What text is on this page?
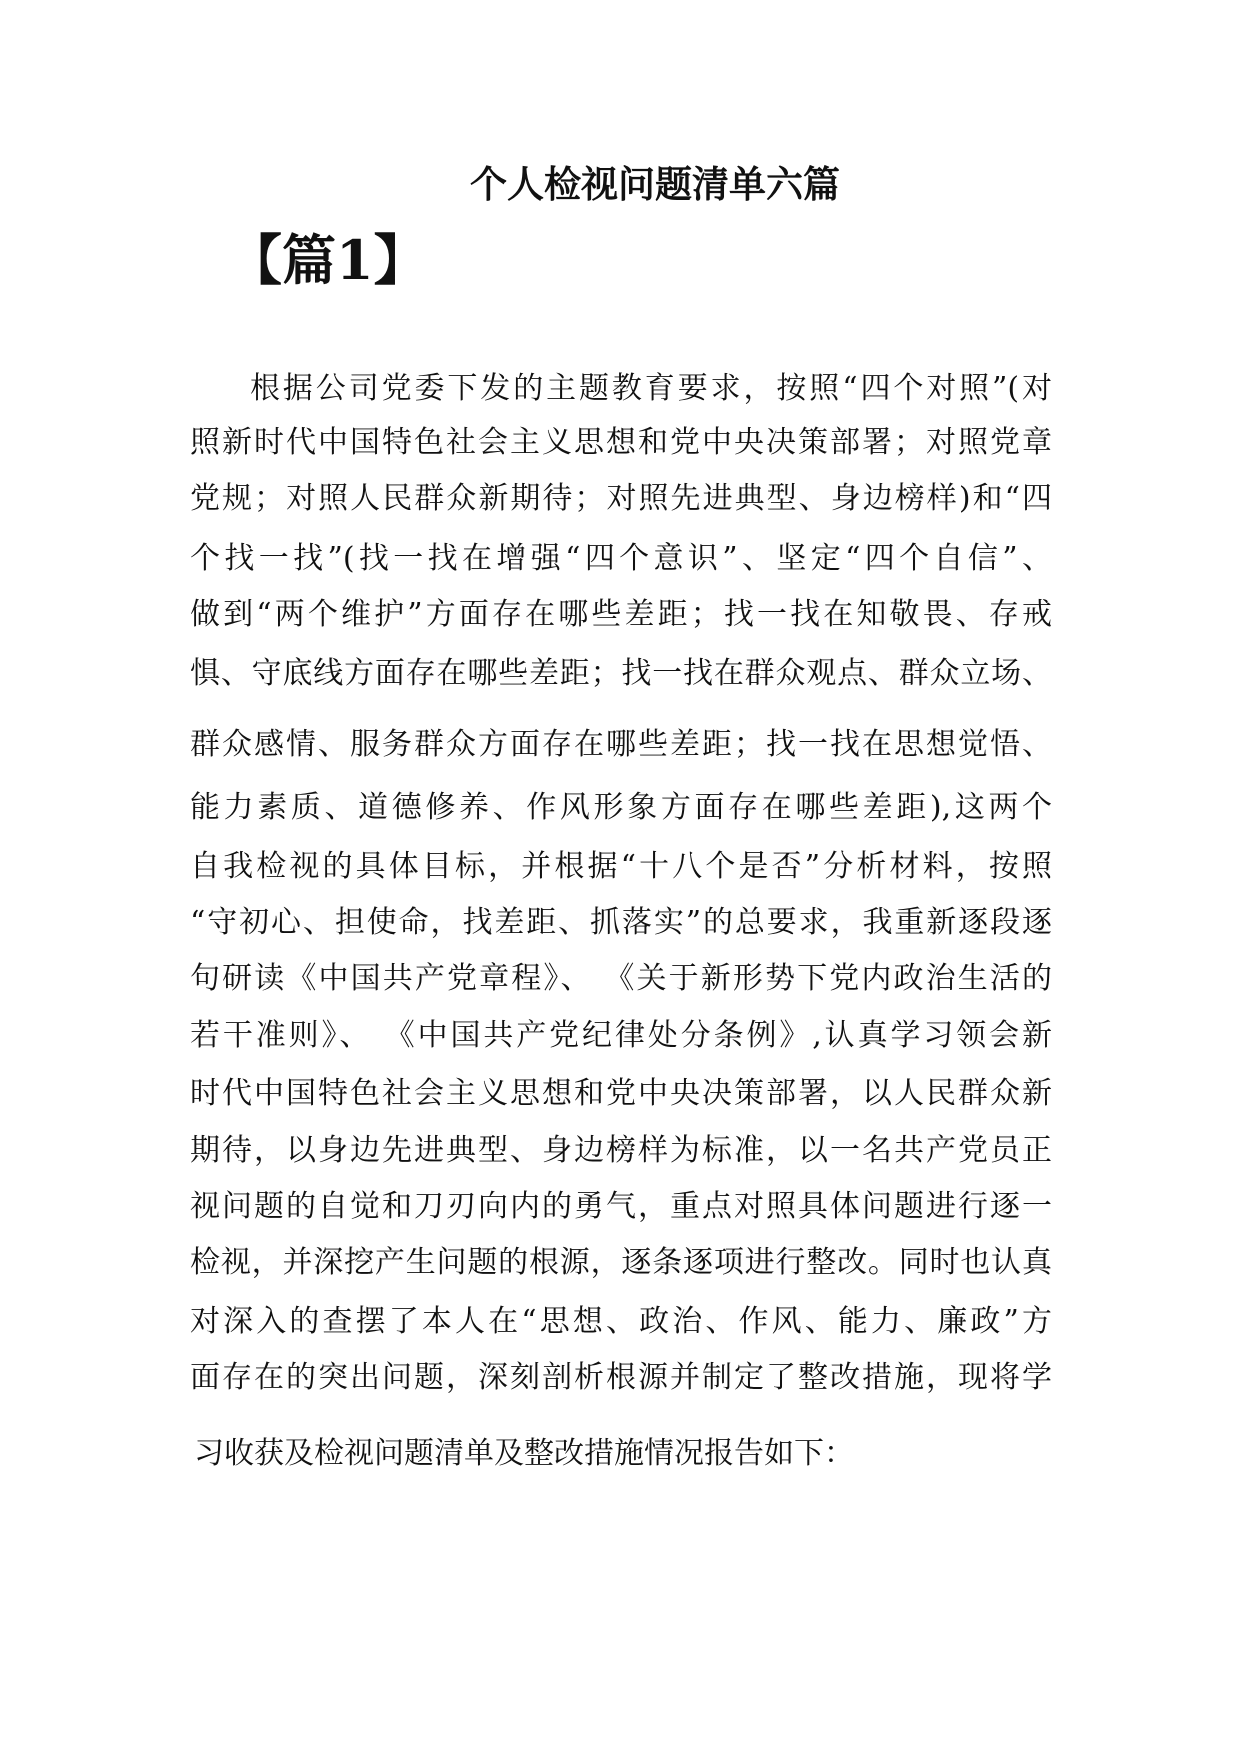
个人检视问题清单六篇
【篇1】
根据公司党委下发的主题教育要求，按照“四个对照”(对
照新时代中国特色社会主义思想和党中央决策部署；对照党章
党规；对照人民群众新期待；对照先进典型、身边榜样)和“四
个找一找”(找一找在增强“四个意识”、坚定“四个自信”、
做到“两个维护”方面存在哪些差距；找一找在知敬畏、存戒
惧、守底线方面存在哪些差距；找一找在群众观点、群众立场、
群众感情、服务群众方面存在哪些差距；找一找在思想觉悟、
能力素质、道德修养、作风形象方面存在哪些差距),这两个
自我检视的具体目标，并根据“十八个是否”分析材料，按照
“守初心、担使命，找差距、抓落实”的总要求，我重新逐段逐
句研读《中国共产党章程》、 《关于新形势下党内政治生活的
若干准则》、 《中国共产党纪律处分条例》,认真学习领会新
时代中国特色社会主义思想和党中央决策部署，以人民群众新
期待，以身边先进典型、身边榜样为标准，以一名共产党员正
视问题的自觉和刀刃向内的勇气，重点对照具体问题进行逐一
检视，并深挖产生问题的根源，逐条逐项进行整改。同时也认真
对深入的查摆了本人在“思想、政治、作风、能力、廉政”方
面存在的突出问题，深刻剖析根源并制定了整改措施，现将学
习收获及检视问题清单及整改措施情况报告如下：
